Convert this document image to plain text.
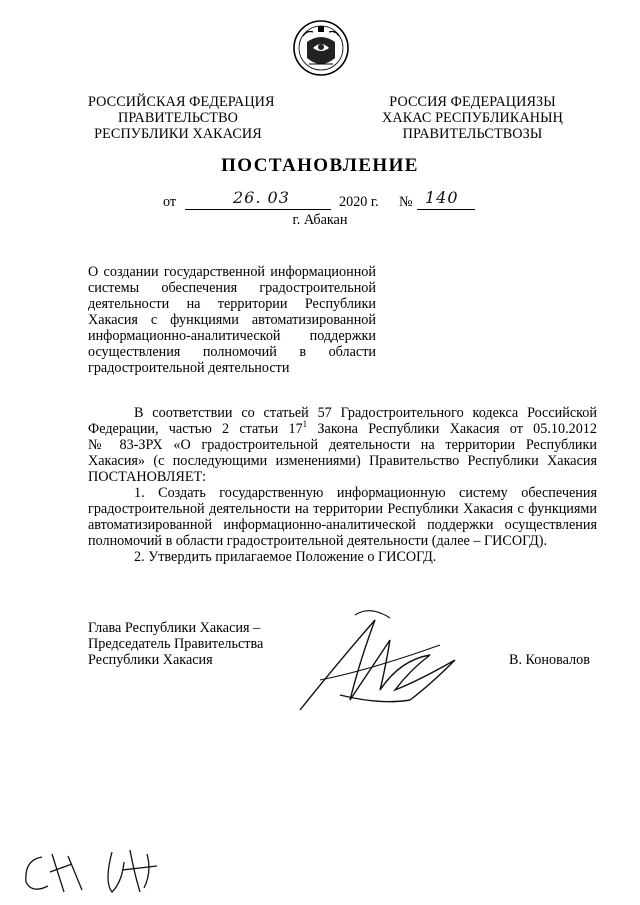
РОССИЙСКАЯ ФЕДЕРАЦИЯ
ПРАВИТЕЛЬСТВО
РЕСПУБЛИКИ ХАКАСИЯ
РОССИЯ ФЕДЕРАЦИЯЗЫ
ХАКАС РЕСПУБЛИКАНЫҢ
ПРАВИТЕЛЬСТВОЗЫ
ПОСТАНОВЛЕНИЕ
от	26. 03	2020 г. № 140
г. Абакан
О создании государственной информационной
системы обеспечения градостроительной
деятельности на территории Республики
Хакасия с функциями автоматизированной
информационно-аналитической поддержки
осуществления полномочий в области
градостроительной деятельности
В соответствии со статьей 57 Градостроительного кодекса Российской
Федерации, частью 2 статьи $17^1$ Закона Республики Хакасия от 05.10.2012
№ 83-ЗРХ «О градостроительной деятельности на территории Республики
Хакасия» (с последующими изменениями) Правительство Республики Хакасия
ПОСТАНОВЛЯЕТ:
1. Создать государственную информационную систему обеспечения
градостроительной деятельности на территории Республики Хакасия с функциями
автоматизированной информационно-аналитической поддержки осуществления
полномочий в области градостроительной деятельности (далее – ГИСОГД).
2. Утвердить прилагаемое Положение о ГИСОГД.
Глава Республики Хакасия –
Председатель Правительства
Республики Хакасия	В. Коновалов
